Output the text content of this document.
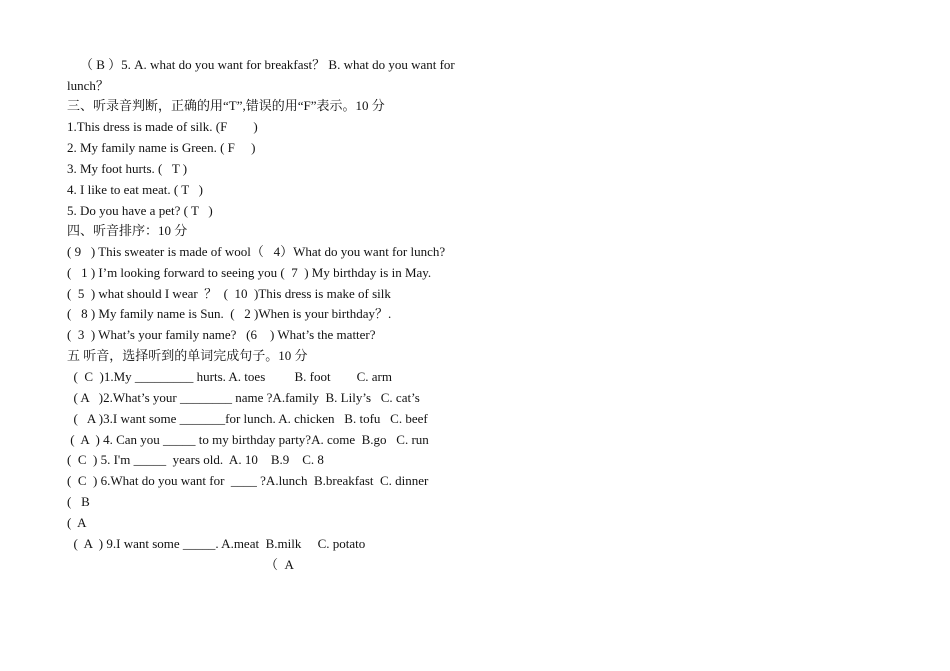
（ B ）5. A. what do you want for breakfast？ B. what do you want for
lunch？
三、听录音判断，正确的用“T”,错误的用“F”表示。10 分
1.This dress is made of silk. (F        )
2. My family name is Green. ( F     )
3. My foot hurts. (   T )
4. I like to eat meat. ( T   )
5. Do you have a pet? ( T   )
四、听音排序：10 分
( 9   ) This sweater is made of wool（   4）What do you want for lunch?
(   1 ) I’m looking forward to seeing you (  7  ) My birthday is in May.
(  5  ) what should I wear  ？  (  10  )This dress is make of silk
(   8 ) My family name is Sun.  (   2 )When is your birthday？.
(  3  ) What’s your family name?   (6    ) What’s the matter?
五 听音，选择听到的单词完成句子。10 分
(  C  )1.My _________ hurts. A. toes         B. foot        C. arm
( A   )2.What’s your ________ name ?A.family  B. Lily’s   C. cat’s
(   A )3.I want some _______for lunch. A. chicken   B. tofu   C. beef
(  A  ) 4. Can you _____ to my birthday party?A. come  B.go   C. run
(  C  ) 5. I'm _____  years old.  A. 10    B.9    C. 8
(  C  ) 6.What do you want for  ____ ?A.lunch  B.breakfast  C. dinner
(   B
(  A
(  A  ) 9.I want some _____. A.meat  B.milk     C. potato
（  A
